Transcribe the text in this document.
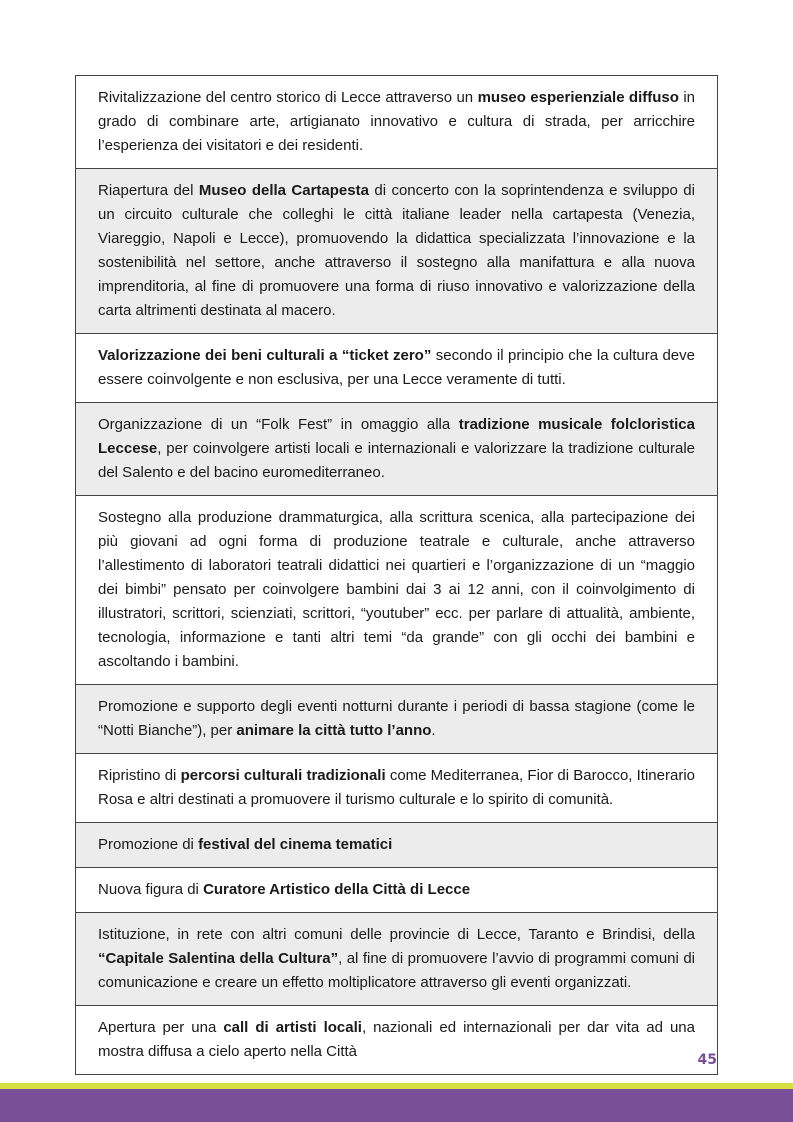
Rivitalizzazione del centro storico di Lecce attraverso un museo esperienziale diffuso in grado di combinare arte, artigianato innovativo e cultura di strada, per arricchire l’esperienza dei visitatori e dei residenti.
Riapertura del Museo della Cartapesta di concerto con la soprintendenza e sviluppo di un circuito culturale che colleghi le città italiane leader nella cartapesta (Venezia, Viareggio, Napoli e Lecce), promuovendo la didattica specializzata l’innovazione e la sostenibilità nel settore, anche attraverso il sostegno alla manifattura e alla nuova imprenditoria, al fine di promuovere una forma di riuso innovativo e valorizzazione della carta altrimenti destinata al macero.
Valorizzazione dei beni culturali a “ticket zero” secondo il principio che la cultura deve essere coinvolgente e non esclusiva, per una Lecce veramente di tutti.
Organizzazione di un “Folk Fest” in omaggio alla tradizione musicale folcloristica Leccese, per coinvolgere artisti locali e internazionali e valorizzare la tradizione culturale del Salento e del bacino euromediterraneo.
Sostegno alla produzione drammaturgica, alla scrittura scenica, alla partecipazione dei più giovani ad ogni forma di produzione teatrale e culturale, anche attraverso l’allestimento di laboratori teatrali didattici nei quartieri e l’organizzazione di un “maggio dei bimbi” pensato per coinvolgere bambini dai 3 ai 12 anni, con il coinvolgimento di illustratori, scrittori, scienziati, scrittori, “youtuber” ecc. per parlare di attualità, ambiente, tecnologia, informazione e tanti altri temi “da grande” con gli occhi dei bambini e ascoltando i bambini.
Promozione e supporto degli eventi notturni durante i periodi di bassa stagione (come le “Notti Bianche”), per animare la città tutto l’anno.
Ripristino di percorsi culturali tradizionali come Mediterranea, Fior di Barocco, Itinerario Rosa e altri destinati a promuovere il turismo culturale e lo spirito di comunità.
Promozione di festival del cinema tematici
Nuova figura di Curatore Artistico della Città di Lecce
Istituzione, in rete con altri comuni delle provincie di Lecce, Taranto e Brindisi, della “Capitale Salentina della Cultura”, al fine di promuovere l’avvio di programmi comuni di comunicazione e creare un effetto moltiplicatore attraverso gli eventi organizzati.
Apertura per una call di artisti locali, nazionali ed internazionali per dar vita ad una mostra diffusa a cielo aperto nella Città	45
